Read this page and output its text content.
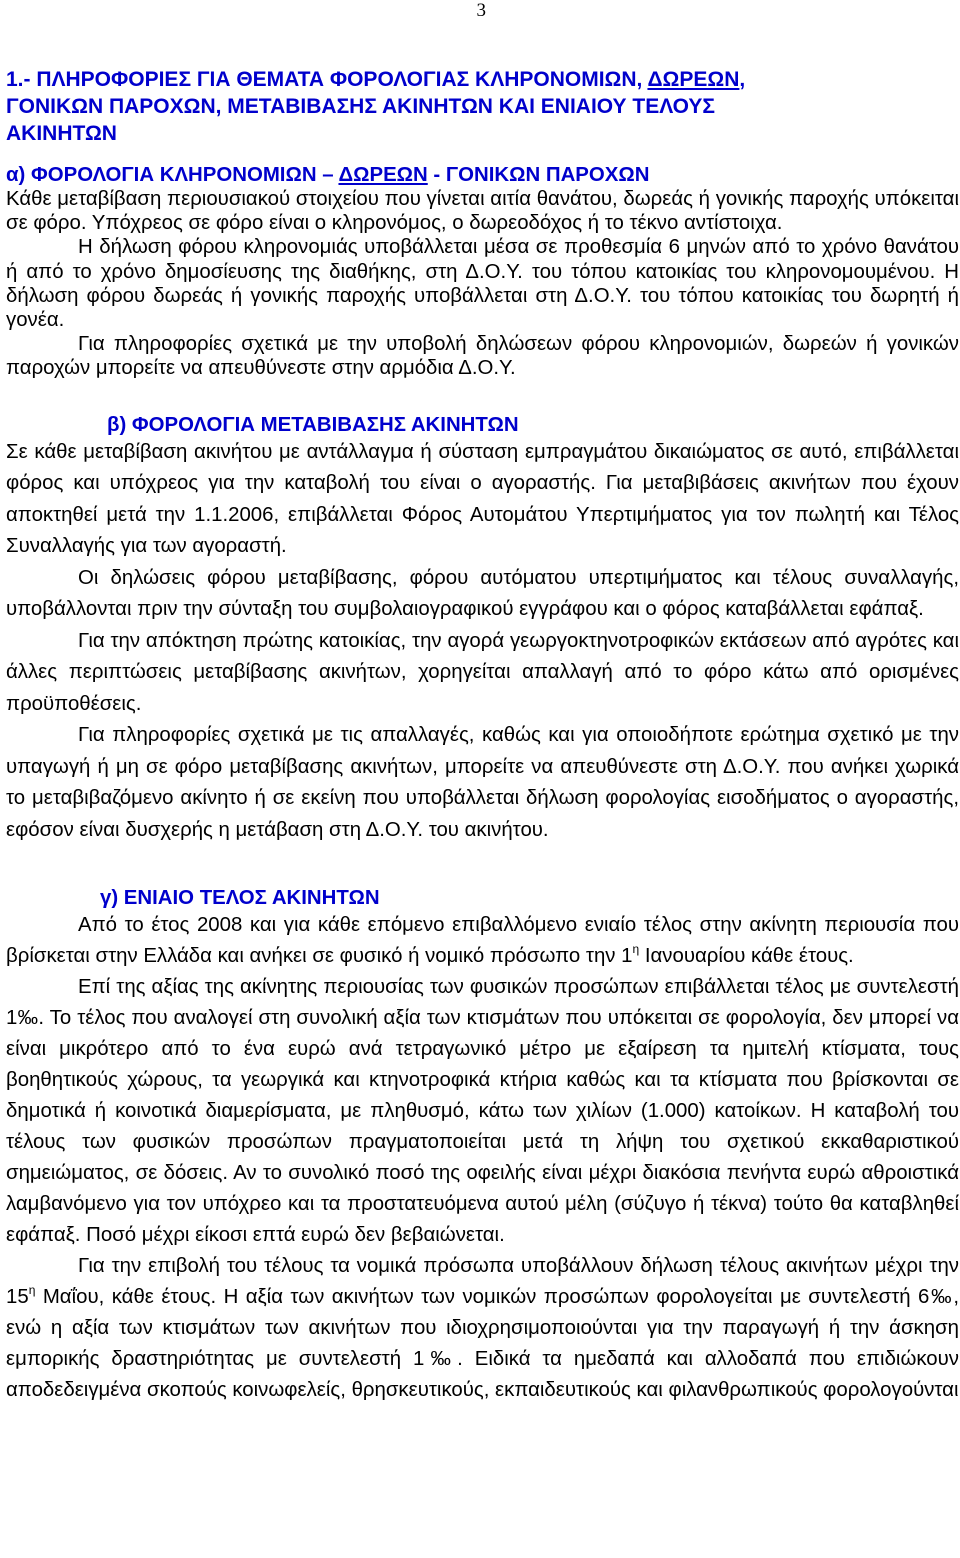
3
1.- ΠΛΗΡΟΦΟΡΙΕΣ ΓΙΑ ΘΕΜΑΤΑ ΦΟΡΟΛΟΓΙΑΣ ΚΛΗΡΟΝΟΜΙΩΝ, ΔΩΡΕΩΝ,
ΓΟΝΙΚΩΝ ΠΑΡΟΧΩΝ, ΜΕΤΑΒΙΒΑΣΗΣ ΑΚΙΝΗΤΩΝ ΚΑΙ ΕΝΙΑΙΟΥ ΤΕΛΟΥΣ
ΑΚΙΝΗΤΩΝ
α) ΦΟΡΟΛΟΓΙΑ ΚΛΗΡΟΝΟΜΙΩΝ – ΔΩΡΕΩΝ - ΓΟΝΙΚΩΝ ΠΑΡΟΧΩΝ

Κάθε μεταβίβαση περιουσιακού στοιχείου που γίνεται αιτία θανάτου, δωρεάς ή γονικής παροχής υπόκειται σε φόρο. Υπόχρεος σε φόρο είναι ο κληρονόμος, ο δωρεοδόχος ή το τέκνο αντίστοιχα.

Η δήλωση φόρου κληρονομιάς υποβάλλεται μέσα σε προθεσμία 6 μηνών από το χρόνο θανάτου ή από το χρόνο δημοσίευσης της διαθήκης, στη Δ.Ο.Υ. του τόπου κατοικίας του κληρονομουμένου. Η δήλωση φόρου δωρεάς ή γονικής παροχής υποβάλλεται στη Δ.Ο.Υ. του τόπου κατοικίας του δωρητή ή γονέα.

Για πληροφορίες σχετικά με την υποβολή δηλώσεων φόρου κληρονομιών, δωρεών ή γονικών παροχών μπορείτε να απευθύνεστε στην αρμόδια Δ.Ο.Υ.

β) ΦΟΡΟΛΟΓΙΑ ΜΕΤΑΒΙΒΑΣΗΣ ΑΚΙΝΗΤΩΝ

Σε κάθε μεταβίβαση ακινήτου με αντάλλαγμα ή σύσταση εμπραγμάτου δικαιώματος σε αυτό, επιβάλλεται φόρος και υπόχρεος για την καταβολή του είναι ο αγοραστής. Για μεταβιβάσεις ακινήτων που έχουν αποκτηθεί μετά την 1.1.2006, επιβάλλεται Φόρος Αυτομάτου Υπερτιμήματος για τον πωλητή και Τέλος Συναλλαγής για των αγοραστή.

Οι δηλώσεις φόρου μεταβίβασης, φόρου αυτόματου υπερτιμήματος και τέλους συναλλαγής, υποβάλλονται πριν την σύνταξη του συμβολαιογραφικού εγγράφου και ο φόρος καταβάλλεται εφάπαξ.

Για την απόκτηση πρώτης κατοικίας, την αγορά γεωργοκτηνοτροφικών εκτάσεων από αγρότες και άλλες περιπτώσεις μεταβίβασης ακινήτων, χορηγείται απαλλαγή από το φόρο κάτω από ορισμένες προϋποθέσεις.

Για πληροφορίες σχετικά με τις απαλλαγές, καθώς και για οποιοδήποτε ερώτημα σχετικό με την υπαγωγή ή μη σε φόρο μεταβίβασης ακινήτων, μπορείτε να απευθύνεστε στη Δ.Ο.Υ. που ανήκει χωρικά το μεταβιβαζόμενο ακίνητο ή σε εκείνη που υποβάλλεται δήλωση φορολογίας εισοδήματος ο αγοραστής, εφόσον είναι δυσχερής η μετάβαση στη Δ.Ο.Υ. του ακινήτου.

γ) ΕΝΙΑΙΟ ΤΕΛΟΣ ΑΚΙΝΗΤΩΝ

Από το έτος 2008 και για κάθε επόμενο επιβαλλόμενο ενιαίο τέλος στην ακίνητη περιουσία που βρίσκεται στην Ελλάδα και ανήκει σε φυσικό ή νομικό πρόσωπο την $1^\eta$ Ιανουαρίου κάθε έτους.

Επί της αξίας της ακίνητης περιουσίας των φυσικών προσώπων επιβάλλεται τέλος με συντελεστή 1‰. Το τέλος που αναλογεί στη συνολική αξία των κτισμάτων που υπόκειται σε φορολογία, δεν μπορεί να είναι μικρότερο από το ένα ευρώ ανά τετραγωνικό μέτρο με εξαίρεση τα ημιτελή κτίσματα, τους βοηθητικούς χώρους, τα γεωργικά και κτηνοτροφικά κτήρια καθώς και τα κτίσματα που βρίσκονται σε δημοτικά ή κοινοτικά διαμερίσματα, με πληθυσμό, κάτω των χιλίων (1.000) κατοίκων. Η καταβολή του τέλους των φυσικών προσώπων πραγματοποιείται μετά τη λήψη του σχετικού εκκαθαριστικού σημειώματος, σε δόσεις. Αν το συνολικό ποσό της οφειλής είναι μέχρι διακόσια πενήντα ευρώ αθροιστικά λαμβανόμενο για τον υπόχρεο και τα προστατευόμενα αυτού μέλη (σύζυγο ή τέκνα) τούτο θα καταβληθεί εφάπαξ. Ποσό μέχρι είκοσι επτά ευρώ δεν βεβαιώνεται.

Για την επιβολή του τέλους τα νομικά πρόσωπα υποβάλλουν δήλωση τέλους ακινήτων μέχρι την $15^\eta$ Μαΐου, κάθε έτους. Η αξία των ακινήτων των νομικών προσώπων φορολογείται με συντελεστή 6‰, ενώ η αξία των κτισμάτων των ακινήτων που ιδιοχρησιμοποιούνται για την παραγωγή ή την άσκηση εμπορικής δραστηριότητας με συντελεστή 1‰. Ειδικά τα ημεδαπά και αλλοδαπά που επιδιώκουν αποδεδειγμένα σκοπούς κοινωφελείς, θρησκευτικούς, εκπαιδευτικούς και φιλανθρωπικούς φορολογούνται
